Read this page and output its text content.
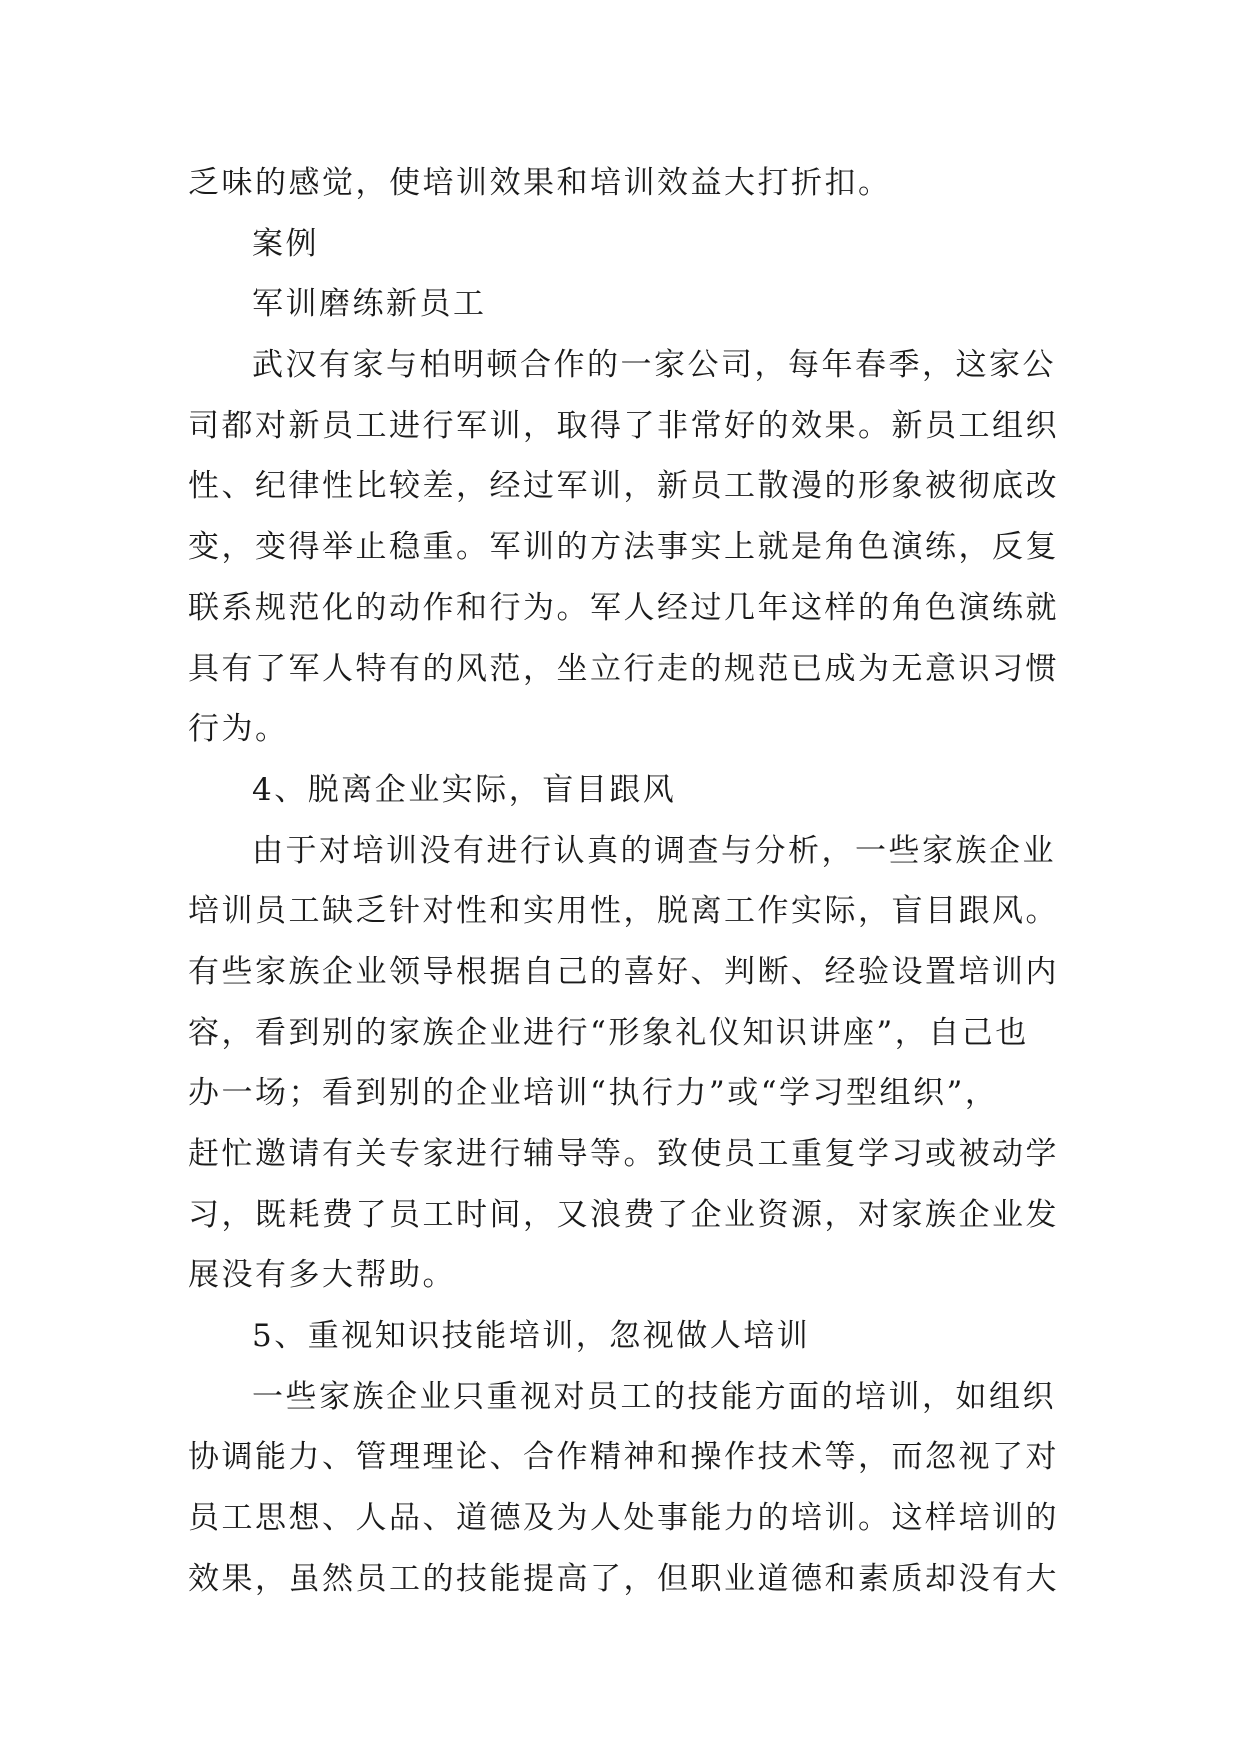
乏味的感觉，使培训效果和培训效益大打折扣。
案例
军训磨练新员工
武汉有家与柏明顿合作的一家公司，每年春季，这家公
司都对新员工进行军训，取得了非常好的效果。新员工组织
性、纪律性比较差，经过军训，新员工散漫的形象被彻底改
变，变得举止稳重。军训的方法事实上就是角色演练，反复
联系规范化的动作和行为。军人经过几年这样的角色演练就
具有了军人特有的风范，坐立行走的规范已成为无意识习惯
行为。
4、脱离企业实际，盲目跟风
由于对培训没有进行认真的调查与分析，一些家族企业
培训员工缺乏针对性和实用性，脱离工作实际，盲目跟风。
有些家族企业领导根据自己的喜好、判断、经验设置培训内
容，看到别的家族企业进行“形象礼仪知识讲座”，自己也
办一场；看到别的企业培训“执行力”或“学习型组织”，
赶忙邀请有关专家进行辅导等。致使员工重复学习或被动学
习，既耗费了员工时间，又浪费了企业资源，对家族企业发
展没有多大帮助。
5、重视知识技能培训，忽视做人培训
一些家族企业只重视对员工的技能方面的培训，如组织
协调能力、管理理论、合作精神和操作技术等，而忽视了对
员工思想、人品、道德及为人处事能力的培训。这样培训的
效果，虽然员工的技能提高了，但职业道德和素质却没有大
